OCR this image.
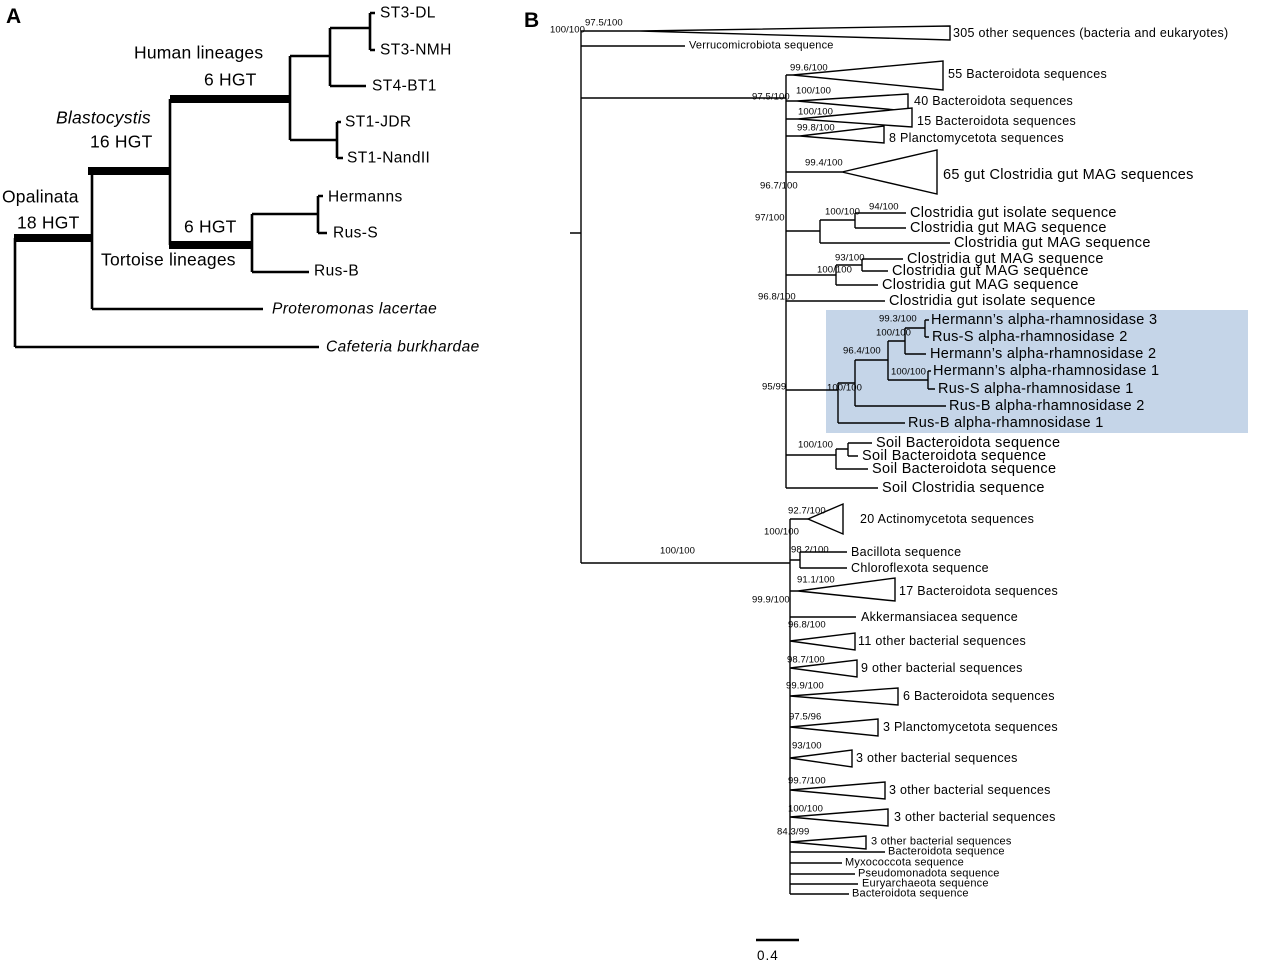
A	B
0.4
ST3-DL
ST3-NMH
ST4-BT1
ST1-JDR
ST1-NandII
Hermanns
Rus-S
Rus-B
Proteromonas lacertae
Cafeteria burkhardae
Human lineages
6 HGT
Blastocystis
16 HGT
Opalinata
18 HGT	6 HGT
Tortoise lineages
305 other sequences (bacteria and eukaryotes)
Verrucomicrobiota sequence
55 Bacteroidota sequences
40 Bacteroidota sequences
15 Bacteroidota sequences
8 Planctomycetota sequences
65 gut Clostridia gut MAG sequences
Clostridia gut isolate sequence
Clostridia gut MAG sequence
Clostridia gut MAG sequence
Clostridia gut MAG sequence
Clostridia gut MAG sequence
Clostridia gut MAG sequence
Clostridia gut isolate sequence
Hermann’s alpha-rhamnosidase 3
Rus-S alpha-rhamnosidase 2
Hermann’s alpha-rhamnosidase 2
Hermann’s alpha-rhamnosidase 1
Rus-S alpha-rhamnosidase 1
Rus-B alpha-rhamnosidase 2
Rus-B alpha-rhamnosidase 1
Soil Bacteroidota sequence
Soil Bacteroidota sequence
Soil Bacteroidota sequence
Soil Clostridia sequence
20 Actinomycetota sequences
Bacillota sequence
Chloroflexota sequence
17 Bacteroidota sequences
Akkermansiacea sequence
11 other bacterial sequences
9 other bacterial sequences
6 Bacteroidota sequences
3 Planctomycetota sequences
3 other bacterial sequences
3 other bacterial sequences
3 other bacterial sequences
3 other bacterial sequences
Bacteroidota sequence
Myxococcota sequence
Pseudomonadota sequence
Euryarchaeota sequence
Bacteroidota sequence
100/100
97.5/100
99.6/100
97.5/100
100/100
100/100
99.8/100
99.4/100
96.7/100
97/100
100/100 94/100
93/100
100/100
96.8/100
99.3/100
100/100
96.4/100
100/100
95/99	100/100
100/100
92.7/100
100/100
98.2/100
100/100
91.1/100
99.9/100
96.8/100
98.7/100
99.9/100
97.5/96
93/100
99.7/100
100/100
84.3/99
